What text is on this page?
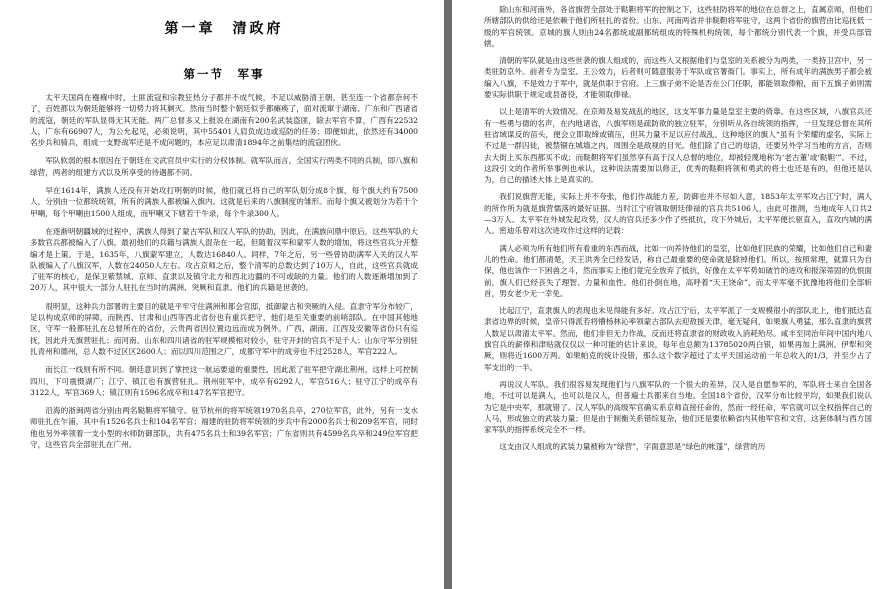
第一章　清政府
第一节　军事

太平天国尚在襁褓中时，土匪流寇和宗教狂热分子都并不成气候，不足以威胁清王朝，甚至连一个省都奈何不了，百姓都以为朝廷能够将一切势力将其剿灭。然而当时整个朝廷似乎都瘫痪了，面对流窜于湖南、广东和广西诸省的流寇，朝廷的军队显得无其无能。两广总督多又上报说在湖南有200名武装盗匪，除去军官不算，广西有22532人，广东有66907人，为公允起见，必须说明，其中55401人肩负成边或巡防的任务；即便如此，依然还有34000名步兵和骑兵，组成一支野战军还是不成问题的，本应足以肃清1894年之前集结的流寇团伙。

军队软弱的根本原因在于朝廷在文武官员中实行的分权体制。就军队而言，全国实行两类不同的兵制，即八旗和绿营，两者的组建方式以及所享受的待遇都不同。

早在1614年，满族人还没有开始攻打明朝的时候，他们就已将自己的军队划分成8个旗，每个旗大约有7500人，分别由一位都统统领，所有的满族人都被编入旗内。这就是后来的八旗制度的雏形。而每个旗又被划分为若干个甲喇，每个甲喇由1500人组成，而甲喇又下辖若干牛录，每个牛录300人。

在逐渐明朝疆域的过程中，满族人得到了蒙古军队和汉人军队的协助，因此，在满族问鼎中原后，这些军队的大多数官兵都被编入了八旗。最初他们的兵籍与满族人混杂在一起，但随着汉军和蒙军人数的增加，将这些官兵分开整编才是上策。于是，1635年，八旗蒙军建立，人数达16840人。同样，7年之后，另一些曾协助满军入关的汉人军队被编入了八旗汉军，人数在24050人左右。攻占京师之后，整个清军的总数达到了10万人，自此，这些官兵就成了驻军的核心，是保卫紫禁城、京师、直隶以及镇守北方和西北边疆的不可或缺的力量。他们的人数逐渐增加到了20万人，其中很大一部分人驻扎在当时的满洲、突厥和直隶。他们的兵籍是世袭的。

很明显，这种兵力部署的主要目的就是平牢守住满洲和都会官邸，抵御蒙古和突厥的入侵。直隶守军分布较广，足以构成京师的屏障，而陕西、甘肃和山西等西北省份也有重兵把守，他们是至关重要的前哨部队。在中国其他地区，守军一般都驻扎在总督所在的省份，云贵两省因位置边远而成为例外。广西、湖南、江西及安徽等省份只有巡抚，因此并无旗营驻扎；而河南、山东和四川诸省的驻军规模相对较小，驻守开封的官兵不足千人；山东守军分别驻扎青州和德州，总人数不过区区2600人；而以四川范围之广，成都守军中的成旁也不过2528人，军官222人。

而长江一线则有所不同。朝廷意识到了掌控这一航运要道的重要性，因此派了驻军把守湖北荆州，这样上可控制四川，下可震慑湖广；江宁、镇江也有旗营驻扎。荆州驻军中，成卒有6292人，军官516人；驻守江宁的成卒有3122人，军官369人；镇江则有1596名成卒和147名军官把守。

沿海的浙闽两省分别由两名鞑靼将军镇守。驻节杭州的将军统领1970名兵卒，270位军官，此外，另有一支水师驻扎在乍浦，其中有1526名兵士和104名军官；福建的驻防将军统领的步兵中有2000名兵士和209名军官，同时他也另外率领着一支小型的水师防御部队，共有475名兵士和39名军官；广东省则共有4599名兵卒和249位军官把守，这些官兵全部驻扎在广州。

除山东和河南外，各省旗营全部处于鞑靼将军的控制之下，这些驻防将军的地位在总督之上，直属京师，但他们所辖部队的供给还是依赖于他们所驻扎的省份。山东、河南两省并非鞑靼将军驻守，这两个省份的旗营由比巡抚低一级的军官统领。京城的旗人则由24名都统或副都统组成的特殊机构统领，每个都统分别代表一个旗，并受兵部管辖。

清朝的军队就是由这些世袭的旗人组成的，而这些人又根据他们与皇室的关系被分为两类，一类持卫宫中，另一类驻防京外。前者专为皇室、王公效力，后者则可随意服务于军队或官署衙门。事实上，所有成年的满族男子都会被编入八旗，不是效力于军中，就是供职于官府。上三旗子弟不论是否在公门任职，都能领取俸粮，而下五旗子弟则需要实际供职于规定或县备役，才能领取俸禄。

以上是清军的大致情况。在京师及易发战乱的地区，这支军事力量是皇室主要的倚靠。在这些区域，八旗官兵还有一些勇与德的名声，在内地诸省，八旗军则是疏防欲的独立驻军，分别听从各自统领的指挥，一旦发现总督在其所驻省域谋反的苗头，便会立即取缔或镇压，但其力量不足以应付战乱。这种地区的旗人“虽有个荣耀的虚名，实际上不过是一群囚徒，被禁锢在城墙之内，周围全是敌视的目光。他们除了自己的母语，还要另外学习当地的方言，否则去大街上买东西都买不成；而鞑靼将军们虽然享有高于汉人总督的地位，却被轻蔑地称为‘老古董’或‘鞑靼’”。不过，这段引文的作者所举事例也承认，这种说法需要加以修正，优秀的鞑靼将领和勇武的将士也还是有的，但他还是认为，自己的描述大体上是真实的。

我们说旗营无能，实际上并不夸张，他们作战能力差，防御也并不尽如人意，1853年太平军攻占江宁时，满人的所作所为就是旗营懦落的最好证据。当时江宁府领取朝廷俸禄的官兵共5106人，由此可推测，当地成年人口共2—3万人。太平军在外城发起攻势，汉人的官兵还多少作了些抵抗，攻下外城后，太平军便长驱直入，直攻内城的满人。密迪乐曾对这次进攻作过这样的记载：

满人必须为所有他们所有看重的东西而战，比如一向养待他们的皇室，比如他们民族的荣耀，比如他们自己和妻儿的性命。他们都清楚，天王洪秀全已经发话，称自己最重要的使命就是除掉他们。所以，按照常理，就算只为自保，他也该作一下困兽之斗，然而事实上他们竟完全放弃了抵抗，好像在太平军势如破竹的进攻和报深蒂固的仇恨面前，旗人们已经丧失了理智、力量和血性。他们扑倒在地，高呼着“天王饶命”，而太平军毫不犹豫地将他们全部斩首，男女老少无一幸免。

比起江宁，直隶旗人的表现也未见得能有多好。攻占江宁后，太平军派了一支规模很小的部队北上，他们抵达直隶省边界的时候，皇帝只得派若将懵杨林沁率领蒙古部队去迎敌援天津，毫无疑问，如果旗人勇猛，那么直隶的旗营人数足以肃清太平军。然而，他们非但无力作战，反而还将直隶省的财政收入消耗殆尽。咸丰至同治年间中国内地八旗官兵的薪俸和津贴就仅仅以一种可能的估计来说，每年也总额为13785020两白银，如果再加上满洲、伊犁和突厥，则将近1600万两。如果帕克的统计没错，那么这个数字超过了太平天国运动前一年总收入的1/3，并至少占了军支出的一半。

再说汉人军队。我们很容易发现他们与八旗军队的一个很大的差异，汉人是自愿参军的，军队将士来自全国各地，不过可以是满人，也可以是汉人，但普遍士兵都来自当地。全国18个省份，汉军分布比较平均，如果我们说认为它是中央军，那就错了。汉人军队的高级军官确实系京师直接任命的，然而一经任命，军官就可以全权指挥自己的人马，形成独立的武装力量；但是由于制衡关系错综复杂，他们还是要依赖省内其他军官和文官，这套体制与西方国家军队的指挥系统完全不一样。

这支由汉人组成的武装力量被称为“绿营”，字面意思是“绿色的帐篷”，绿营的历
